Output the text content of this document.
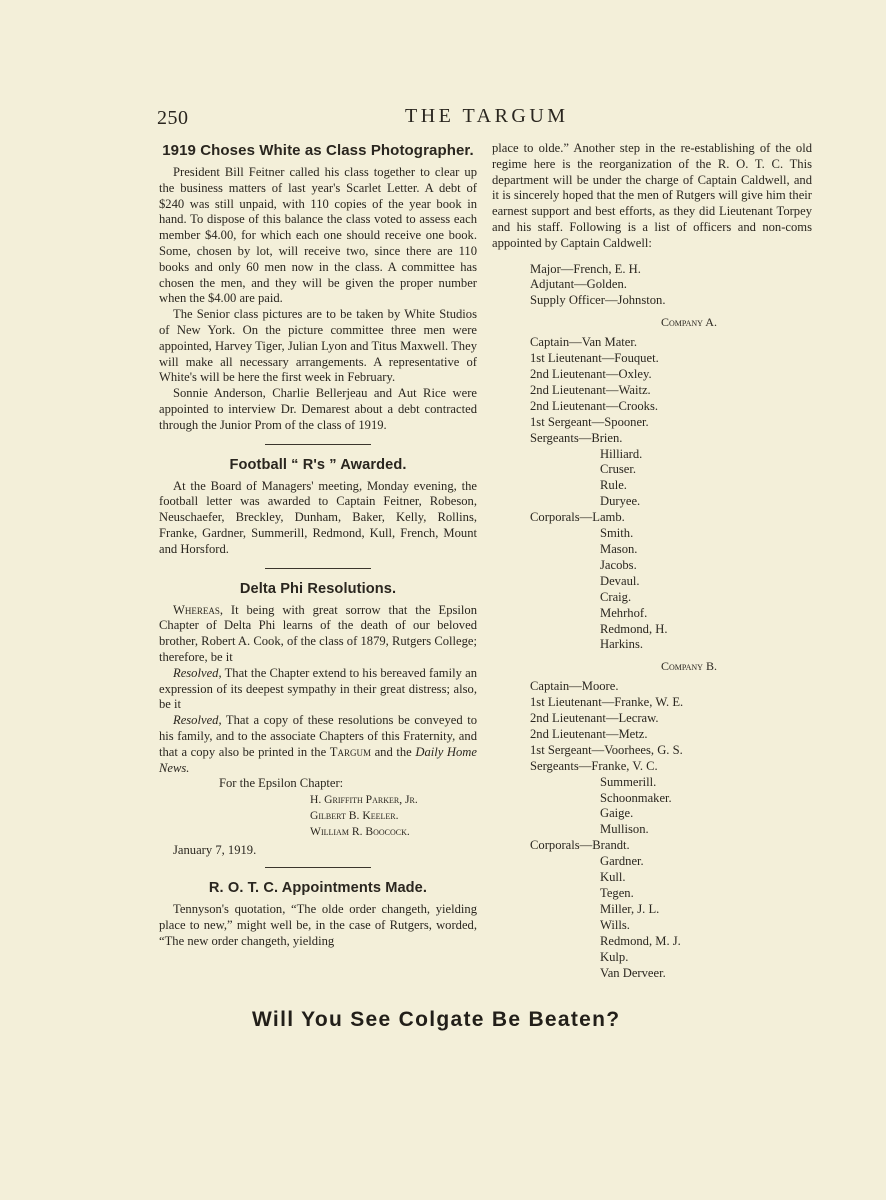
250	THE TARGUM
1919 Choses White as Class Photographer.

President Bill Feitner called his class together to clear up the business matters of last year's Scarlet Letter. A debt of $240 was still unpaid, with 110 copies of the year book in hand. To dispose of this balance the class voted to assess each member $4.00, for which each one should receive one book. Some, chosen by lot, will receive two, since there are 110 books and only 60 men now in the class. A committee has chosen the men, and they will be given the proper number when the $4.00 are paid.

The Senior class pictures are to be taken by White Studios of New York. On the picture committee three men were appointed, Harvey Tiger, Julian Lyon and Titus Maxwell. They will make all necessary arrangements. A representative of White's will be here the first week in February.

Sonnie Anderson, Charlie Bellerjeau and Aut Rice were appointed to interview Dr. Demarest about a debt contracted through the Junior Prom of the class of 1919.

Football “ R's ” Awarded.

At the Board of Managers' meeting, Monday evening, the football letter was awarded to Captain Feitner, Robeson, Neuschaefer, Breckley, Dunham, Baker, Kelly, Rollins, Franke, Gardner, Summerill, Redmond, Kull, French, Mount and Horsford.

Delta Phi Resolutions.

Whereas, It being with great sorrow that the Epsilon Chapter of Delta Phi learns of the death of our beloved brother, Robert A. Cook, of the class of 1879, Rutgers College; therefore, be it

Resolved, That the Chapter extend to his bereaved family an expression of its deepest sympathy in their great distress; also, be it

Resolved, That a copy of these resolutions be conveyed to his family, and to the associate Chapters of this Fraternity, and that a copy also be printed in the Targum and the Daily Home News.

For the Epsilon Chapter:
H. Griffith Parker, Jr.
Gilbert B. Keeler.
William R. Boocock.
January 7, 1919.
R. O. T. C. Appointments Made.

Tennyson's quotation, “The olde order changeth, yielding place to new,” might well be, in the case of Rutgers, worded, “The new order changeth, yielding

place to olde.” Another step in the re-establishing of the old regime here is the reorganization of the R. O. T. C. This department will be under the charge of Captain Caldwell, and it is sincerely hoped that the men of Rutgers will give him their earnest support and best efforts, as they did Lieutenant Torpey and his staff. Following is a list of officers and non-coms appointed by Captain Caldwell:

Major—French, E. H.
Adjutant—Golden.
Supply Officer—Johnston.
Company A.
Captain—Van Mater.
1st Lieutenant—Fouquet.
2nd Lieutenant—Oxley.
2nd Lieutenant—Waitz.
2nd Lieutenant—Crooks.
1st Sergeant—Spooner.
Sergeants— Brien.
Hilliard.
Cruser.
Rule.
Duryee.
Corporals— Lamb.
Smith.
Mason.
Jacobs.
Devaul.
Craig.
Mehrhof.
Redmond, H.
Harkins.
Company B.
Captain—Moore.
1st Lieutenant—Franke, W. E.
2nd Lieutenant—Lecraw.
2nd Lieutenant—Metz.
1st Sergeant—Voorhees, G. S.
Sergeants— Franke, V. C.
Summerill.
Schoonmaker.
Gaige.
Mullison.
Corporals— Brandt.
Gardner.
Kull.
Tegen.
Miller, J. L.
Wills.
Redmond, M. J.
Kulp.
Van Derveer.
Will You See Colgate Be Beaten?
